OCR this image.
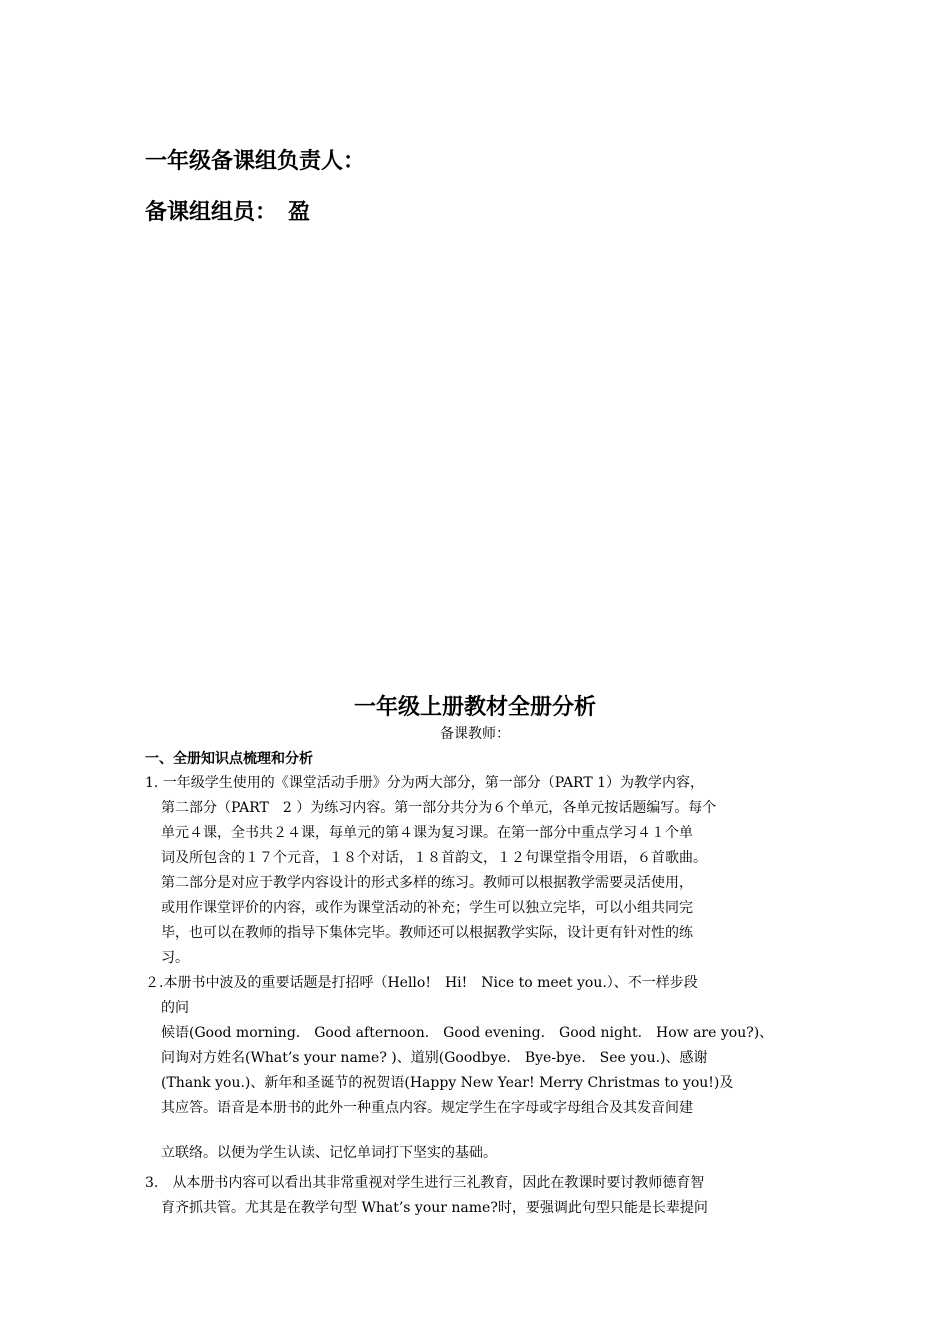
一年级备课组负责人：
备课组组员：　盈
一年级上册教材全册分析
备课教师：
一、全册知识点梳理和分析
1. 一年级学生使用的《课堂活动手册》分为两大部分，第一部分（PART 1）为教学内容，
第二部分（PART　2 ）为练习内容。第一部分共分为６个单元，各单元按话题编写。每个
单元４课，全书共２４课，每单元的第４课为复习课。在第一部分中重点学习４１个单
词及所包含的１７个元音，１８个对话，１８首韵文，１２句课堂指令用语，６首歌曲。
第二部分是对应于教学内容设计的形式多样的练习。教师可以根据教学需要灵活使用，
或用作课堂评价的内容，或作为课堂活动的补充；学生可以独立完毕，可以小组共同完
毕，也可以在教师的指导下集体完毕。教师还可以根据教学实际，设计更有针对性的练
习。
２.本册书中波及的重要话题是打招呼（Hello!　Hi!　Nice to meet you.）、不一样步段
的问
候语(Good morning.　Good afternoon.　Good evening.　Good night.　How are you?)、
问询对方姓名(What’s your name? )、道别(Goodbye.　Bye-bye.　See you.)、感谢
(Thank you.)、新年和圣诞节的祝贺语(Happy New Year! Merry Christmas to you!)及
其应答。语音是本册书的此外一种重点内容。规定学生在字母或字母组合及其发音间建
立联络。以便为学生认读、记忆单词打下坚实的基础。
3.　从本册书内容可以看出其非常重视对学生进行三礼教育，因此在教课时要讨教师德育智
育齐抓共管。尤其是在教学句型 What’s your name?时，要强调此句型只能是长辈提问
